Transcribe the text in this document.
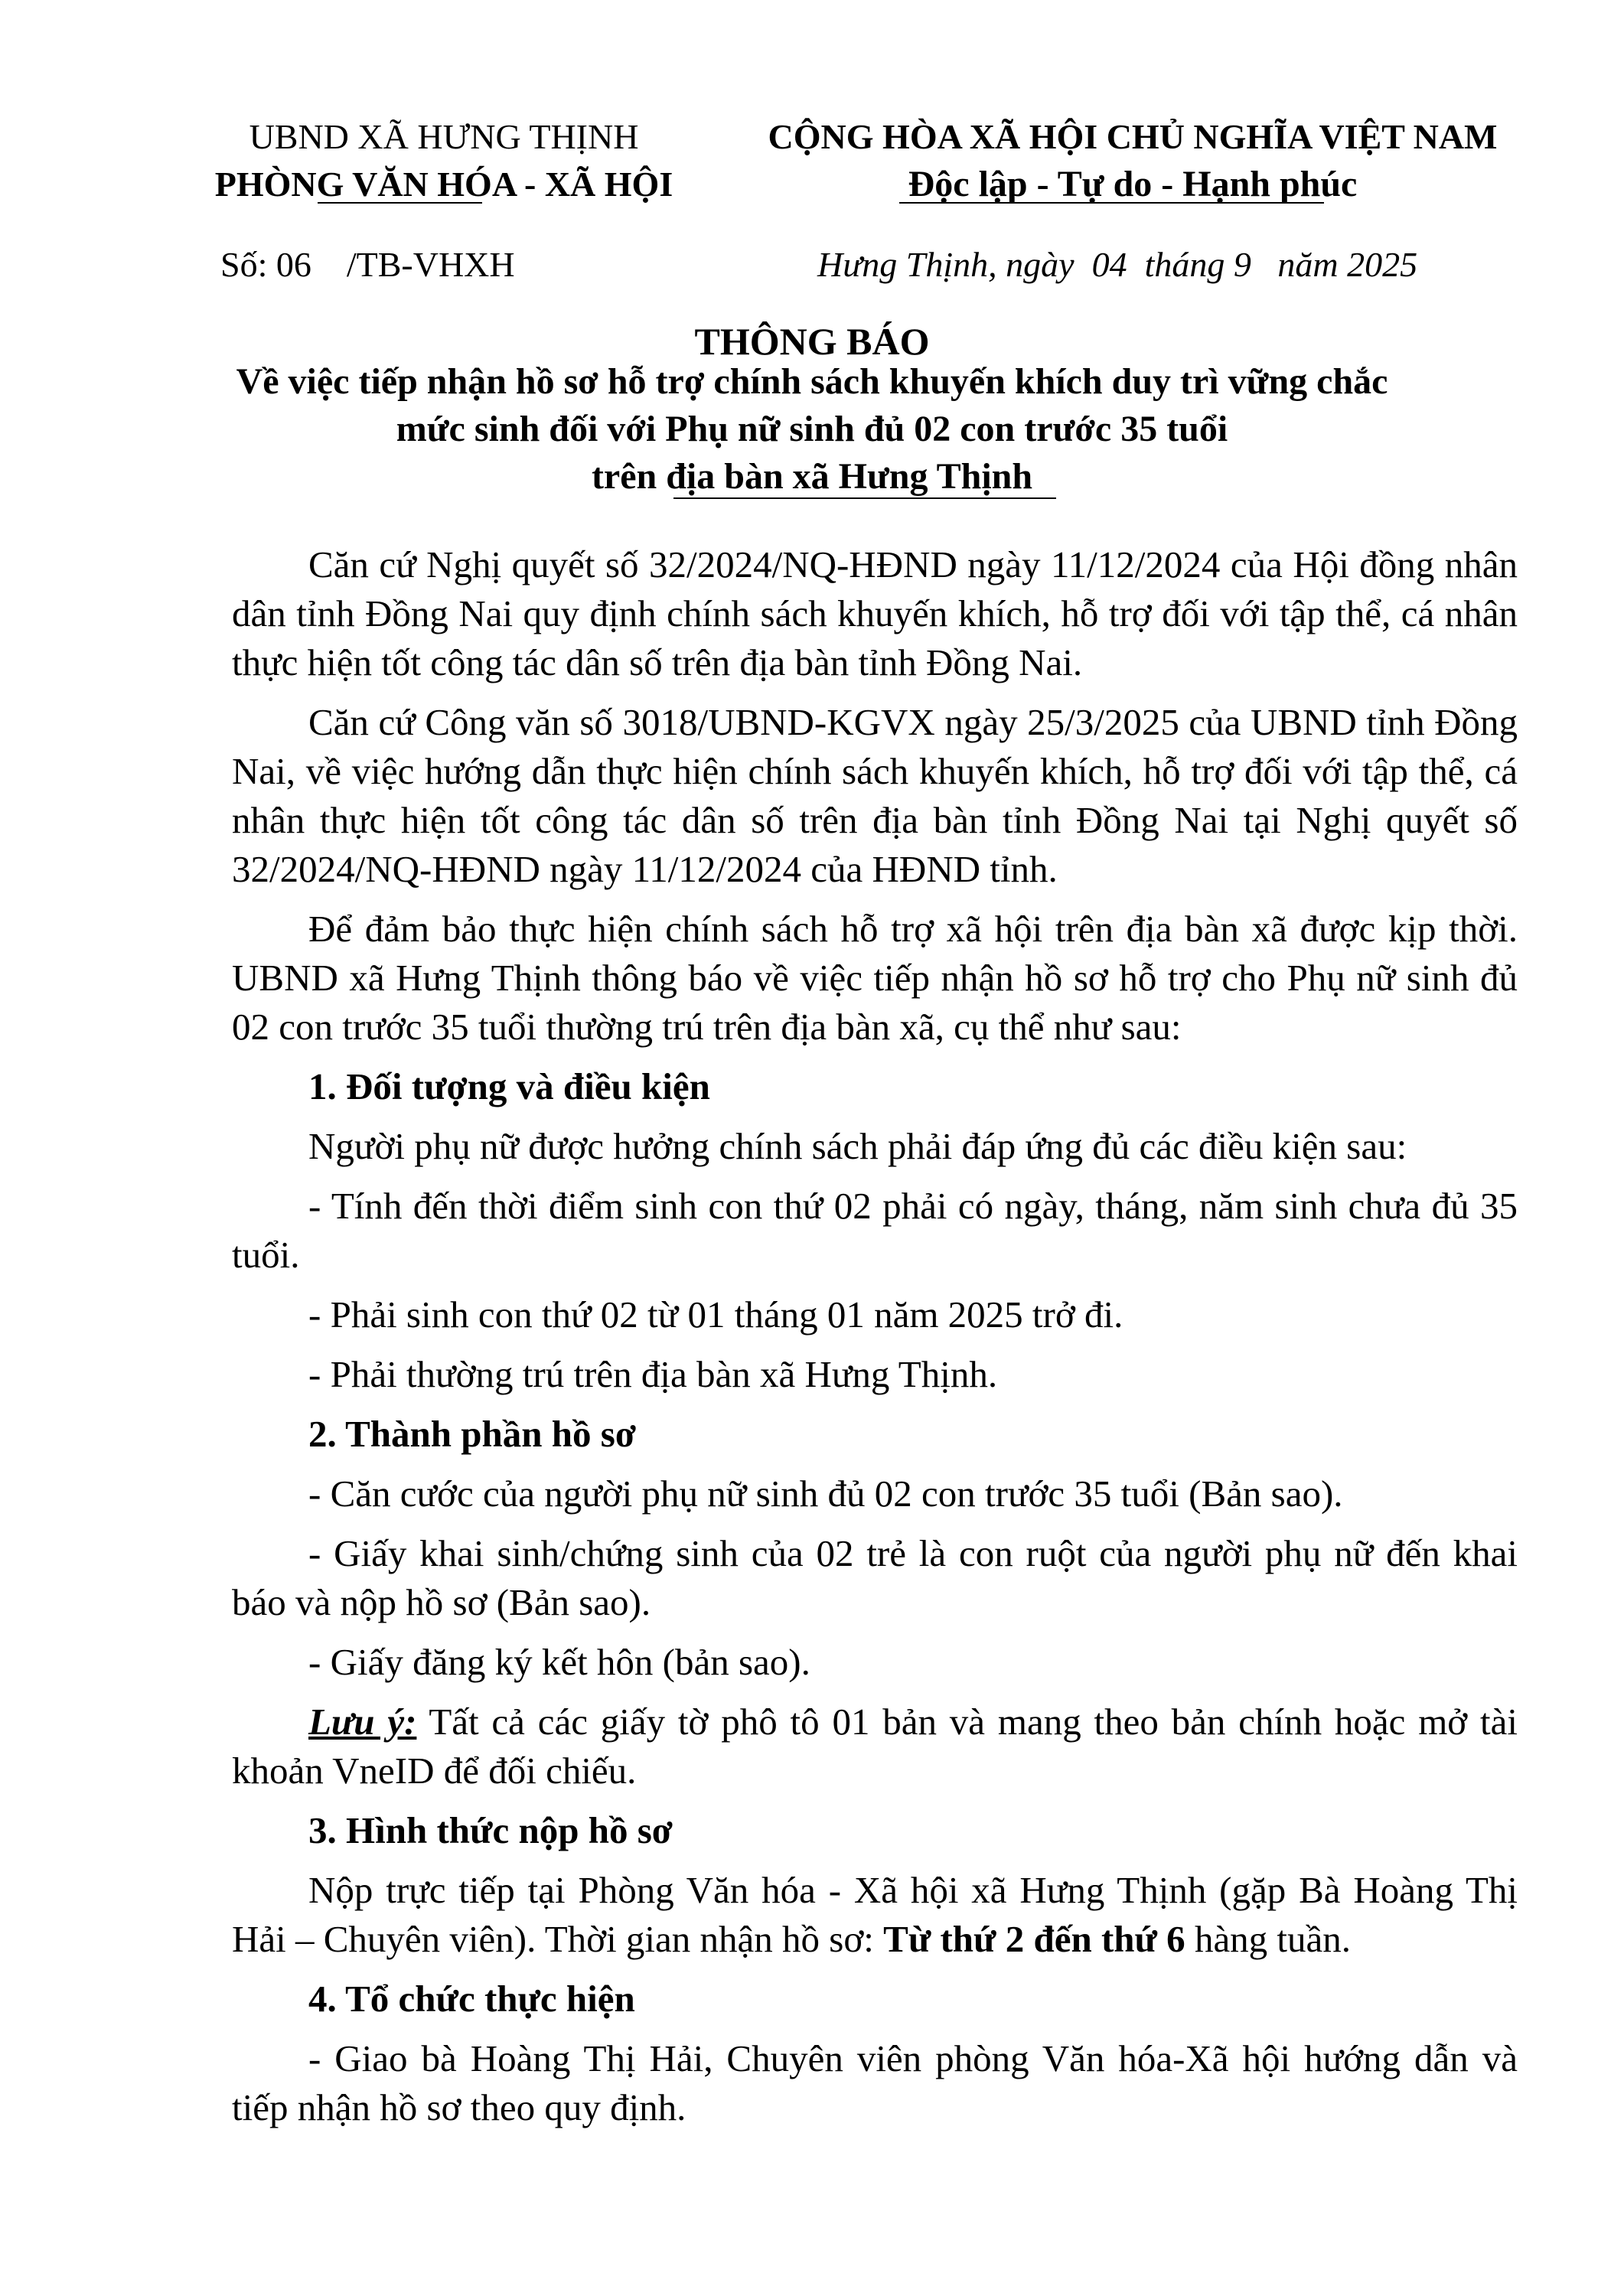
UBND XÃ HƯNG THỊNH
PHÒNG VĂN HÓA - XÃ HỘI
CỘNG HÒA XÃ HỘI CHỦ NGHĨA VIỆT NAM
Độc lập - Tự do - Hạnh phúc
Số: 06    /TB-VHXH	Hưng Thịnh, ngày  04  tháng 9   năm 2025
THÔNG BÁO
Về việc tiếp nhận hồ sơ hỗ trợ chính sách khuyến khích duy trì vững chắc
mức sinh đối với Phụ nữ sinh đủ 02 con trước 35 tuổi
trên địa bàn xã Hưng Thịnh

Căn cứ Nghị quyết số 32/2024/NQ-HĐND ngày 11/12/2024 của Hội đồng nhân dân tỉnh Đồng Nai quy định chính sách khuyến khích, hỗ trợ đối với tập thể, cá nhân thực hiện tốt công tác dân số trên địa bàn tỉnh Đồng Nai.

Căn cứ Công văn số 3018/UBND-KGVX ngày 25/3/2025 của UBND tỉnh Đồng Nai, về việc hướng dẫn thực hiện chính sách khuyến khích, hỗ trợ đối với tập thể, cá nhân thực hiện tốt công tác dân số trên địa bàn tỉnh Đồng Nai tại Nghị quyết số 32/2024/NQ-HĐND ngày 11/12/2024 của HĐND tỉnh.

Để đảm bảo thực hiện chính sách hỗ trợ xã hội trên địa bàn xã được kịp thời. UBND xã Hưng Thịnh thông báo về việc tiếp nhận hồ sơ hỗ trợ cho Phụ nữ sinh đủ 02 con trước 35 tuổi thường trú trên địa bàn xã, cụ thể như sau:

1. Đối tượng và điều kiện

Người phụ nữ được hưởng chính sách phải đáp ứng đủ các điều kiện sau:

- Tính đến thời điểm sinh con thứ 02 phải có ngày, tháng, năm sinh chưa đủ 35 tuổi.

- Phải sinh con thứ 02 từ 01 tháng 01 năm 2025 trở đi.

- Phải thường trú trên địa bàn xã Hưng Thịnh.

2. Thành phần hồ sơ

- Căn cước của người phụ nữ sinh đủ 02 con trước 35 tuổi (Bản sao).

- Giấy khai sinh/chứng sinh của 02 trẻ là con ruột của người phụ nữ đến khai báo và nộp hồ sơ (Bản sao).

- Giấy đăng ký kết hôn (bản sao).

Lưu ý: Tất cả các giấy tờ phô tô 01 bản và mang theo bản chính hoặc mở tài khoản VneID để đối chiếu.

3. Hình thức nộp hồ sơ

Nộp trực tiếp tại Phòng Văn hóa - Xã hội xã Hưng Thịnh (gặp Bà Hoàng Thị Hải – Chuyên viên). Thời gian nhận hồ sơ: Từ thứ 2 đến thứ 6 hàng tuần.

4. Tổ chức thực hiện

- Giao bà Hoàng Thị Hải, Chuyên viên phòng Văn hóa-Xã hội hướng dẫn và tiếp nhận hồ sơ theo quy định.
